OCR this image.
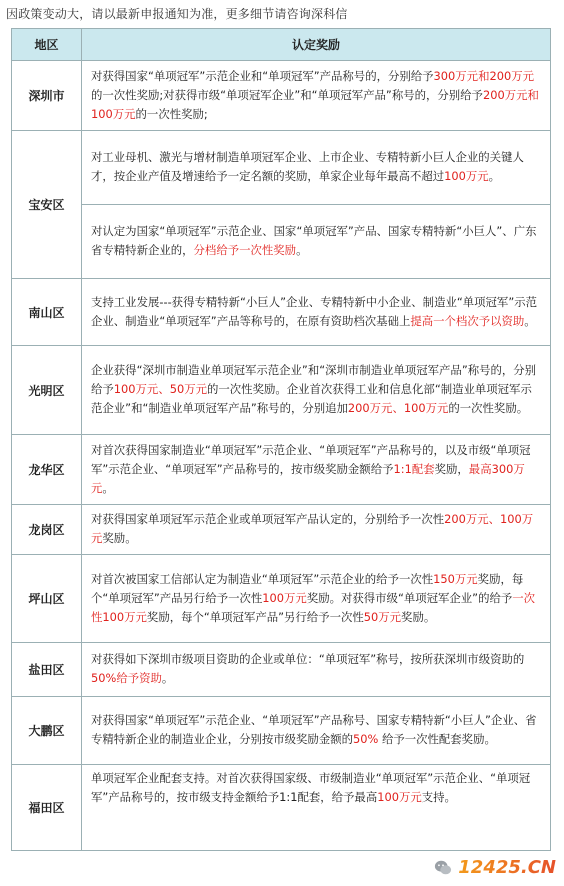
因政策变动大，请以最新申报通知为准，更多细节请咨询深科信
地区	认定奖励
深圳市	对获得国家“单项冠军”示范企业和“单项冠军”产品称号的，分别给予300万元和200万元的一次性奖励;对获得市级“单项冠军企业”和“单项冠军产品”称号的，分别给予200万元和100万元的一次性奖励;
宝安区	对工业母机、激光与增材制造单项冠军企业、上市企业、专精特新小巨人企业的关键人才，按企业产值及增速给予一定名额的奖励，单家企业每年最高不超过100万元。
	对认定为国家“单项冠军”示范企业、国家“单项冠军”产品、国家专精特新“小巨人”、广东省专精特新企业的，分档给予一次性奖励。
南山区	支持工业发展---获得专精特新“小巨人”企业、专精特新中小企业、制造业“单项冠军”示范企业、制造业“单项冠军”产品等称号的，在原有资助档次基础上提高一个档次予以资助。
光明区	企业获得“深圳市制造业单项冠军示范企业”和“深圳市制造业单项冠军产品”称号的，分别给予100万元、50万元的一次性奖励。企业首次获得工业和信息化部“制造业单项冠军示范企业”和“制造业单项冠军产品”称号的，分别追加200万元、100万元的一次性奖励。
龙华区	对首次获得国家制造业“单项冠军”示范企业、“单项冠军”产品称号的，以及市级“单项冠军”示范企业、“单项冠军”产品称号的，按市级奖励金额给予1:1配套奖励，最高300万元。
龙岗区	对获得国家单项冠军示范企业或单项冠军产品认定的，分别给予一次性200万元、100万元奖励。
坪山区	对首次被国家工信部认定为制造业“单项冠军”示范企业的给予一次性150万元奖励，每个“单项冠军”产品另行给予一次性100万元奖励。对获得市级“单项冠军企业”的给予一次性100万元奖励，每个“单项冠军产品”另行给予一次性50万元奖励。
盐田区	对获得如下深圳市级项目资助的企业或单位：“单项冠军”称号，按所获深圳市级资助的50%给予资助。
大鹏区	对获得国家“单项冠军”示范企业、“单项冠军”产品称号、国家专精特新“小巨人”企业、省专精特新企业的制造业企业，分别按市级奖励金额的50% 给予一次性配套奖励。
福田区	单项冠军企业配套支持。对首次获得国家级、市级制造业“单项冠军”示范企业、“单项冠军”产品称号的，按市级支持金额给予1:1配套，给予最高100万元支持。
12425.CN
